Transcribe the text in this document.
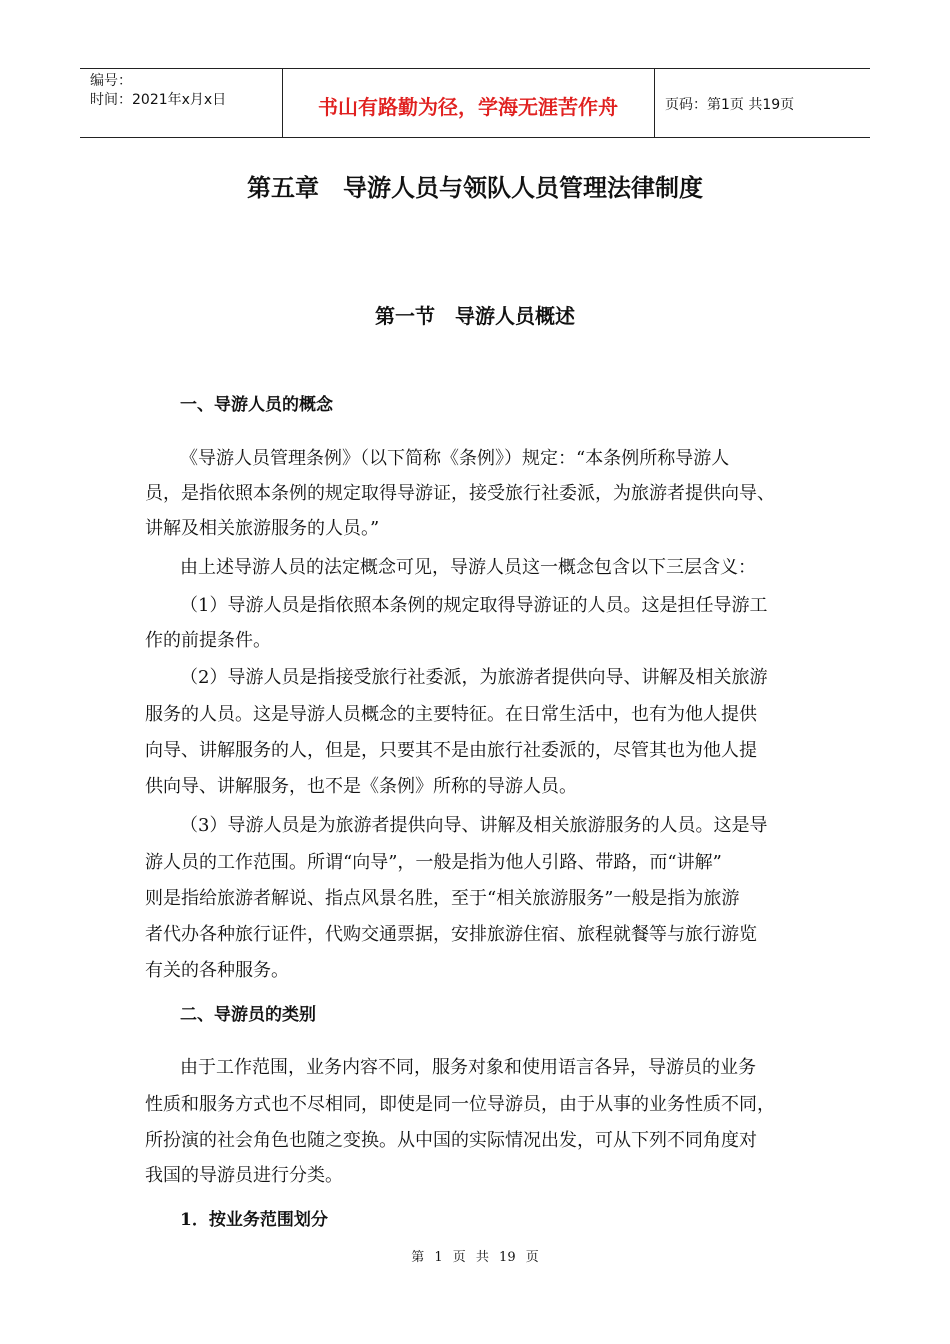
编号：
时间：2021年x月x日	书山有路勤为径，学海无涯苦作舟	页码：第1页 共19页
第五章　导游人员与领队人员管理法律制度
第一节　导游人员概述
一、导游人员的概念
《导游人员管理条例》（以下简称《条例》）规定：“本条例所称导游人
员，是指依照本条例的规定取得导游证，接受旅行社委派，为旅游者提供向导、
讲解及相关旅游服务的人员。”
由上述导游人员的法定概念可见，导游人员这一概念包含以下三层含义：
（1）导游人员是指依照本条例的规定取得导游证的人员。这是担任导游工
作的前提条件。
（2）导游人员是指接受旅行社委派，为旅游者提供向导、讲解及相关旅游
服务的人员。这是导游人员概念的主要特征。在日常生活中，也有为他人提供
向导、讲解服务的人，但是，只要其不是由旅行社委派的，尽管其也为他人提
供向导、讲解服务，也不是《条例》所称的导游人员。
（3）导游人员是为旅游者提供向导、讲解及相关旅游服务的人员。这是导
游人员的工作范围。所谓“向导”，一般是指为他人引路、带路，而“讲解”
则是指给旅游者解说、指点风景名胜，至于“相关旅游服务”一般是指为旅游
者代办各种旅行证件，代购交通票据，安排旅游住宿、旅程就餐等与旅行游览
有关的各种服务。
二、导游员的类别
由于工作范围，业务内容不同，服务对象和使用语言各异，导游员的业务
性质和服务方式也不尽相同，即使是同一位导游员，由于从事的业务性质不同，
所扮演的社会角色也随之变换。从中国的实际情况出发，可从下列不同角度对
我国的导游员进行分类。
1．按业务范围划分
第 1 页 共 19 页
